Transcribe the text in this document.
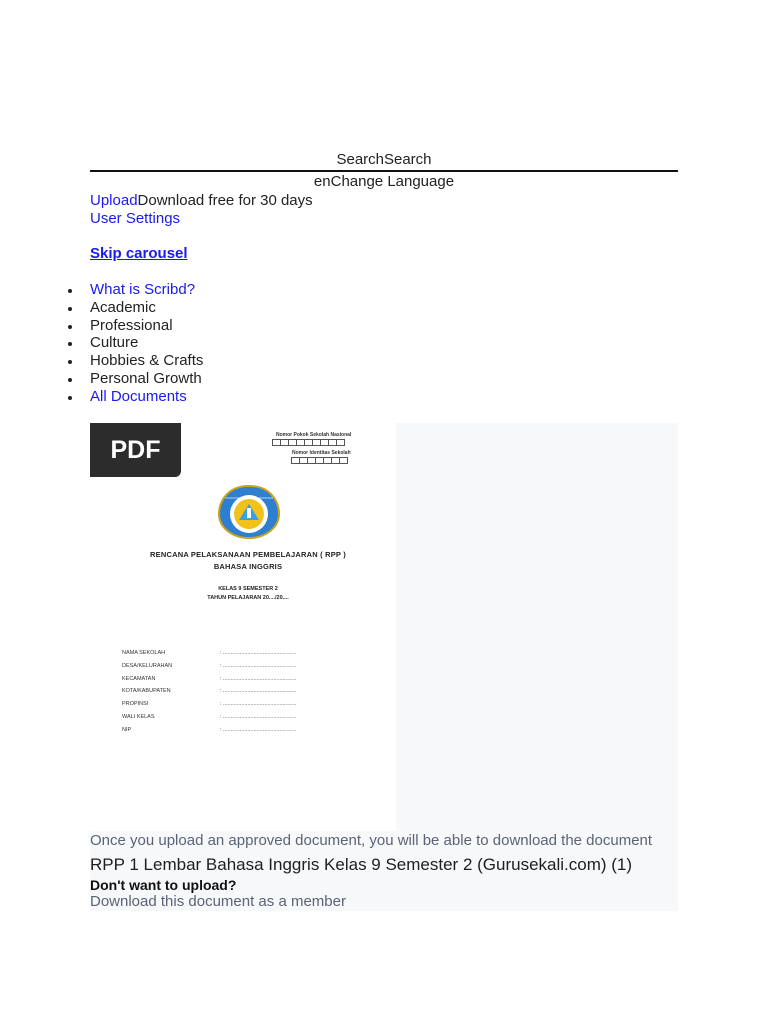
SearchSearch
enChange Language
UploadDownload free for 30 days
User Settings
Skip carousel
What is Scribd?
Academic
Professional
Culture
Hobbies & Crafts
Personal Growth
All Documents
PDF
Nomor Pokok Sekolah Nasional
Nomor Identitas Sekolah
RENCANA PELAKSANAAN PEMBELAJARAN ( RPP )
BAHASA INGGRIS
KELAS 9 SEMESTER 2
TAHUN PELAJARAN 20..../20....
NAMA SEKOLAH	: ................................................
DESA/KELURAHAN	: ................................................
KECAMATAN	: ................................................
KOTA/KABUPATEN	: ................................................
PROPINSI	: ................................................
WALI KELAS	: ................................................
NIP	: ................................................
Once you upload an approved document, you will be able to download the document
RPP 1 Lembar Bahasa Inggris Kelas 9 Semester 2 (Gurusekali.com) (1)
Don't want to upload?
Download this document as a member
